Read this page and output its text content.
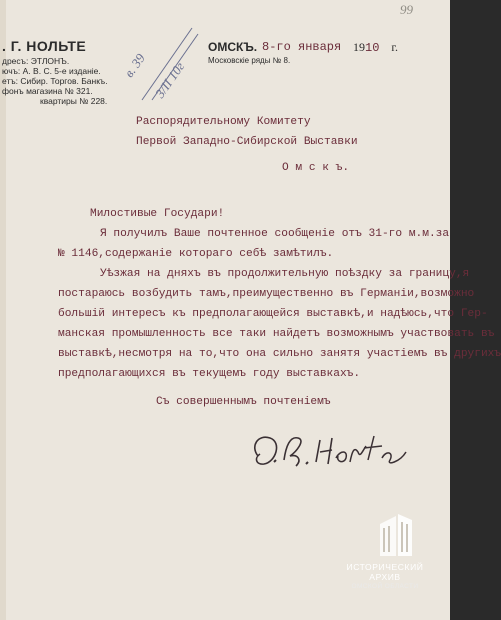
99
. Г. НОЛЬТЕ	ОМСКЪ. 8-го января 1910 г.
Московскіе ряды № 8.
дресъ: ЭТЛОНЪ.
ючъ: А. В. С. 5-е изданіе.
етъ: Сибир. Торгов. Банкъ.
фонъ магазина № 321.
квартиры № 228.
в. 39 3/II 10г
Распорядительному Комитету
Первой Западно-Сибирской Выставки
О м с к ъ.
Милостивые Государи!
Я получилъ Ваше почтенное сообщеніе отъ 31-го м.м.за
№ 1146,содержаніе котораго себѣ замѣтилъ.
Уѣзжая на дняхъ въ продолжительную поѣздку за границу,я
постараюсь возбудить тамъ,преимущественно въ Германіи,возможно
большій интересъ къ предполагающейся выставкѣ,и надѣюсь,что Гер-
манская промышленность все таки найдетъ возможнымъ участвовать въ
выставкѣ,несмотря на то,что она сильно занятя участіемъ въ другихъ
предполагающихся въ текущемъ году выставкахъ.
Съ совершеннымъ почтеніемъ
ИСТОРИЧЕСКИЙ
АРХИВ
ОМСКОЙ ОБЛАСТИ
